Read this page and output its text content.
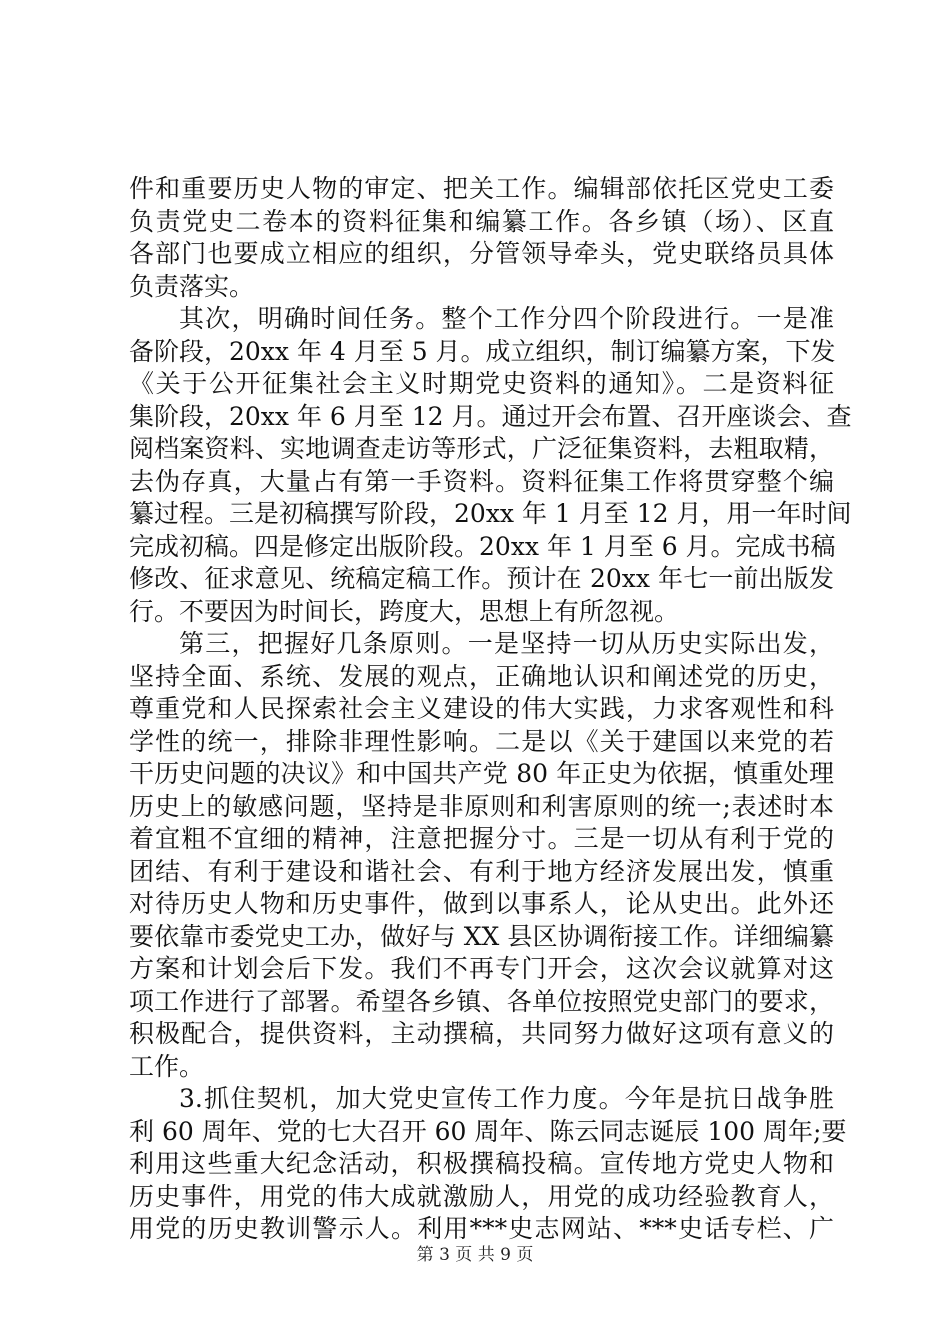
件和重要历史人物的审定、把关工作。编辑部依托区党史工委
负责党史二卷本的资料征集和编纂工作。各乡镇（场）、区直
各部门也要成立相应的组织，分管领导牵头，党史联络员具体
负责落实。
其次，明确时间任务。整个工作分四个阶段进行。一是准
备阶段，20xx 年 4 月至 5 月。成立组织，制订编纂方案，下发
《关于公开征集社会主义时期党史资料的通知》。二是资料征
集阶段，20xx 年 6 月至 12 月。通过开会布置、召开座谈会、查
阅档案资料、实地调查走访等形式，广泛征集资料，去粗取精，
去伪存真，大量占有第一手资料。资料征集工作将贯穿整个编
纂过程。三是初稿撰写阶段，20xx 年 1 月至 12 月，用一年时间
完成初稿。四是修定出版阶段。20xx 年 1 月至 6 月。完成书稿
修改、征求意见、统稿定稿工作。预计在 20xx 年七一前出版发
行。不要因为时间长，跨度大，思想上有所忽视。
第三，把握好几条原则。一是坚持一切从历史实际出发，
坚持全面、系统、发展的观点，正确地认识和阐述党的历史，
尊重党和人民探索社会主义建设的伟大实践，力求客观性和科
学性的统一，排除非理性影响。二是以《关于建国以来党的若
干历史问题的决议》和中国共产党 80 年正史为依据，慎重处理
历史上的敏感问题，坚持是非原则和利害原则的统一;表述时本
着宜粗不宜细的精神，注意把握分寸。三是一切从有利于党的
团结、有利于建设和谐社会、有利于地方经济发展出发，慎重
对待历史人物和历史事件，做到以事系人，论从史出。此外还
要依靠市委党史工办，做好与 XX 县区协调衔接工作。详细编纂
方案和计划会后下发。我们不再专门开会，这次会议就算对这
项工作进行了部署。希望各乡镇、各单位按照党史部门的要求，
积极配合，提供资料，主动撰稿，共同努力做好这项有意义的
工作。
3.抓住契机，加大党史宣传工作力度。今年是抗日战争胜
利 60 周年、党的七大召开 60 周年、陈云同志诞辰 100 周年;要
利用这些重大纪念活动，积极撰稿投稿。宣传地方党史人物和
历史事件，用党的伟大成就激励人，用党的成功经验教育人，
用党的历史教训警示人。利用***史志网站、***史话专栏、广
第 3 页 共 9 页
